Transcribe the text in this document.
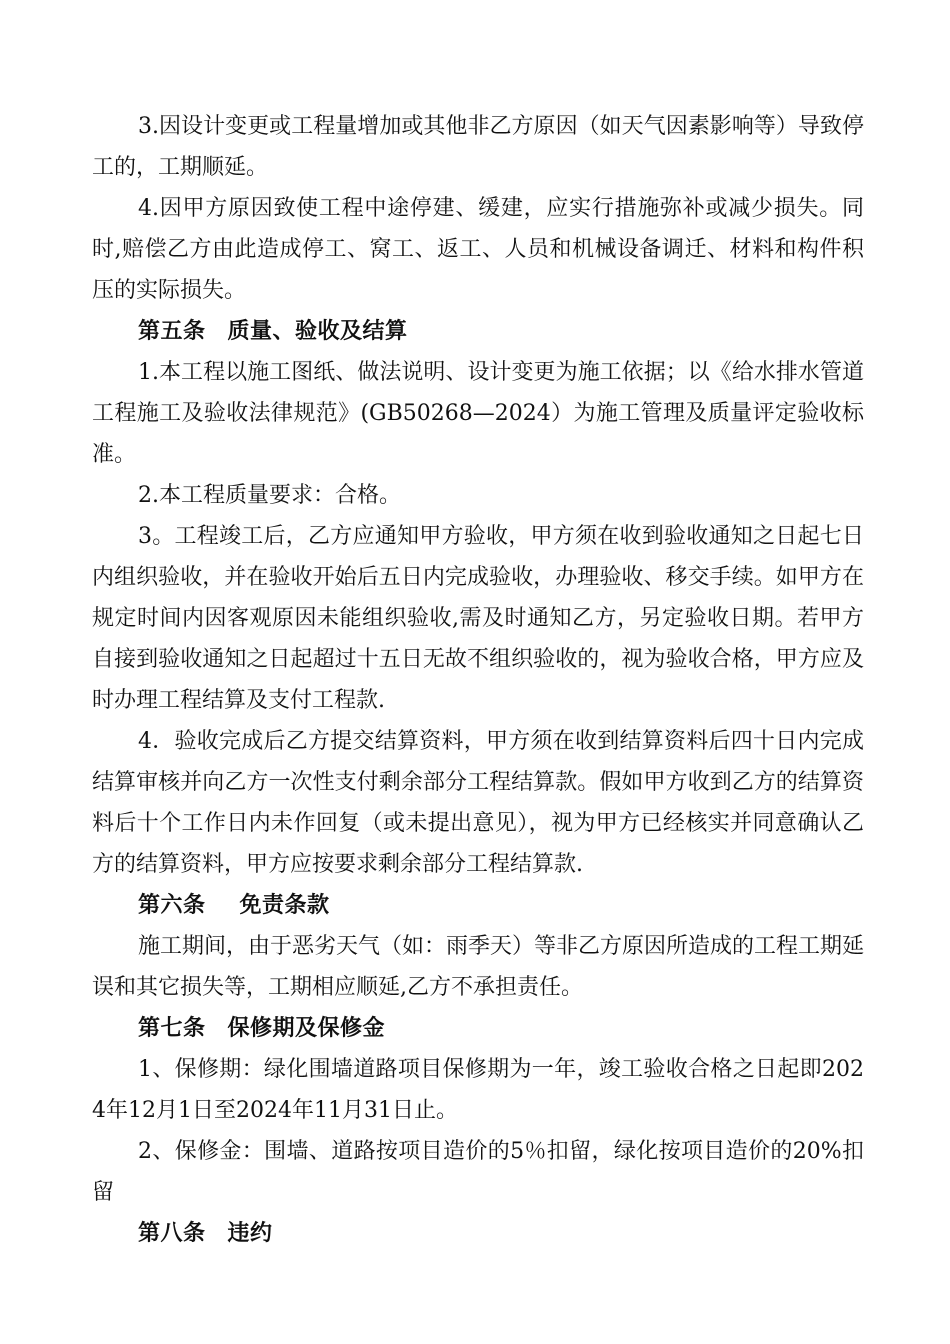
3.因设计变更或工程量增加或其他非乙方原因（如天气因素影响等）导致停工的，工期顺延。

4.因甲方原因致使工程中途停建、缓建，应实行措施弥补或减少损失。同时,赔偿乙方由此造成停工、窝工、返工、人员和机械设备调迁、材料和构件积压的实际损失。

第五条 质量、验收及结算

1.本工程以施工图纸、做法说明、设计变更为施工依据；以《给水排水管道工程施工及验收法律规范》(GB50268—2024）为施工管理及质量评定验收标准。

2.本工程质量要求：合格。

3。工程竣工后，乙方应通知甲方验收，甲方须在收到验收通知之日起七日内组织验收，并在验收开始后五日内完成验收，办理验收、移交手续。如甲方在规定时间内因客观原因未能组织验收,需及时通知乙方，另定验收日期。若甲方自接到验收通知之日起超过十五日无故不组织验收的，视为验收合格，甲方应及时办理工程结算及支付工程款.

4．验收完成后乙方提交结算资料，甲方须在收到结算资料后四十日内完成结算审核并向乙方一次性支付剩余部分工程结算款。假如甲方收到乙方的结算资料后十个工作日内未作回复（或未提出意见），视为甲方已经核实并同意确认乙方的结算资料，甲方应按要求剩余部分工程结算款.

第六条 免责条款

施工期间，由于恶劣天气（如：雨季天）等非乙方原因所造成的工程工期延误和其它损失等，工期相应顺延,乙方不承担责任。

第七条 保修期及保修金

1、保修期：绿化围墙道路项目保修期为一年，竣工验收合格之日起即2024年12月1日至2024年11月31日止。

2、保修金：围墙、道路按项目造价的5％扣留，绿化按项目造价的20%扣留

第八条 违约
